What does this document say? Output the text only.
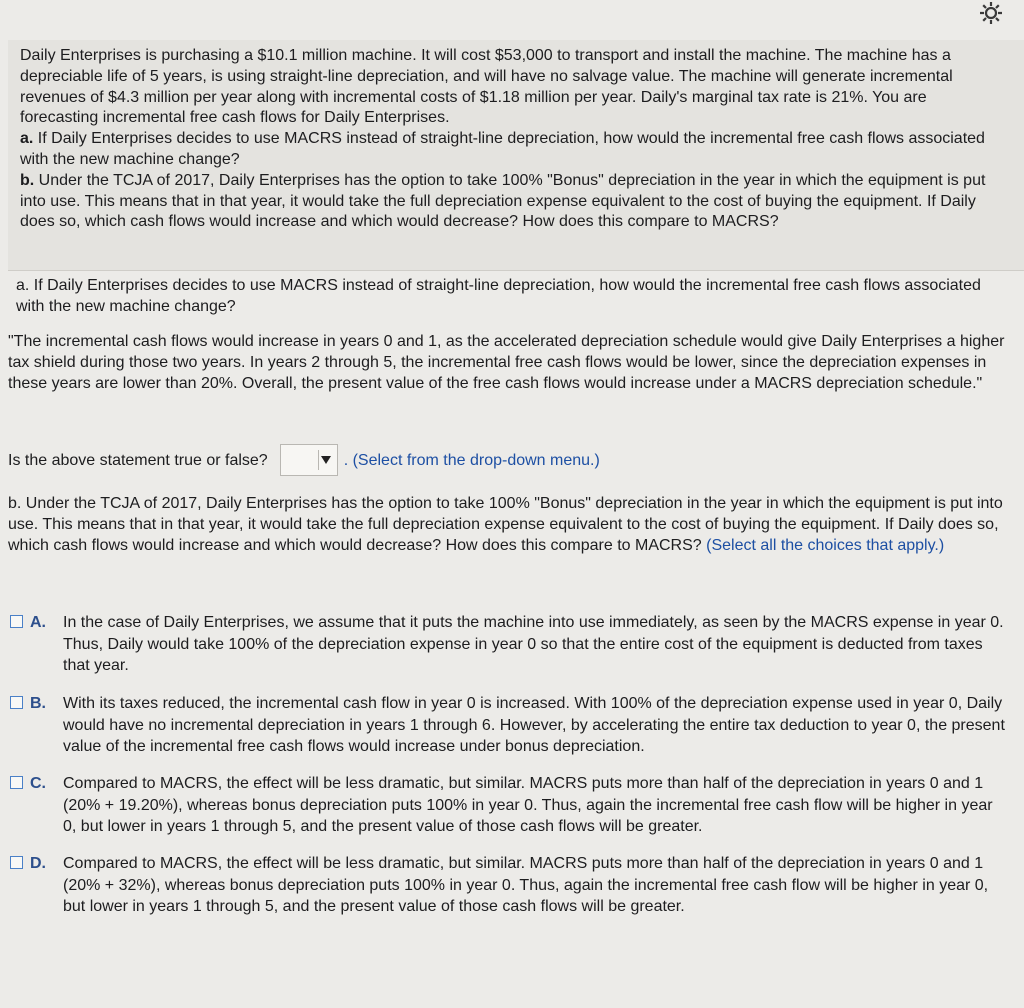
Daily Enterprises is purchasing a $10.1 million machine. It will cost $53,000 to transport and install the machine. The machine has a depreciable life of 5 years, is using straight-line depreciation, and will have no salvage value. The machine will generate incremental revenues of $4.3 million per year along with incremental costs of $1.18 million per year. Daily's marginal tax rate is 21%. You are forecasting incremental free cash flows for Daily Enterprises.

a. If Daily Enterprises decides to use MACRS instead of straight-line depreciation, how would the incremental free cash flows associated with the new machine change?

b. Under the TCJA of 2017, Daily Enterprises has the option to take 100% "Bonus" depreciation in the year in which the equipment is put into use. This means that in that year, it would take the full depreciation expense equivalent to the cost of buying the equipment. If Daily does so, which cash flows would increase and which would decrease? How does this compare to MACRS?

a. If Daily Enterprises decides to use MACRS instead of straight-line depreciation, how would the incremental free cash flows associated with the new machine change?

"The incremental cash flows would increase in years 0 and 1, as the accelerated depreciation schedule would give Daily Enterprises a higher tax shield during those two years. In years 2 through 5, the incremental free cash flows would be lower, since the depreciation expenses in these years are lower than 20%. Overall, the present value of the free cash flows would increase under a MACRS depreciation schedule."

Is the above statement true or false?	. (Select from the drop-down menu.)

b. Under the TCJA of 2017, Daily Enterprises has the option to take 100% "Bonus" depreciation in the year in which the equipment is put into use. This means that in that year, it would take the full depreciation expense equivalent to the cost of buying the equipment. If Daily does so, which cash flows would increase and which would decrease? How does this compare to MACRS? (Select all the choices that apply.)

A. In the case of Daily Enterprises, we assume that it puts the machine into use immediately, as seen by the MACRS expense in year 0. Thus, Daily would take 100% of the depreciation expense in year 0 so that the entire cost of the equipment is deducted from taxes that year.
B. With its taxes reduced, the incremental cash flow in year 0 is increased. With 100% of the depreciation expense used in year 0, Daily would have no incremental depreciation in years 1 through 6. However, by accelerating the entire tax deduction to year 0, the present value of the incremental free cash flows would increase under bonus depreciation.
C. Compared to MACRS, the effect will be less dramatic, but similar. MACRS puts more than half of the depreciation in years 0 and 1 (20% + 19.20%), whereas bonus depreciation puts 100% in year 0. Thus, again the incremental free cash flow will be higher in year 0, but lower in years 1 through 5, and the present value of those cash flows will be greater.
D. Compared to MACRS, the effect will be less dramatic, but similar. MACRS puts more than half of the depreciation in years 0 and 1 (20% + 32%), whereas bonus depreciation puts 100% in year 0. Thus, again the incremental free cash flow will be higher in year 0, but lower in years 1 through 5, and the present value of those cash flows will be greater.
